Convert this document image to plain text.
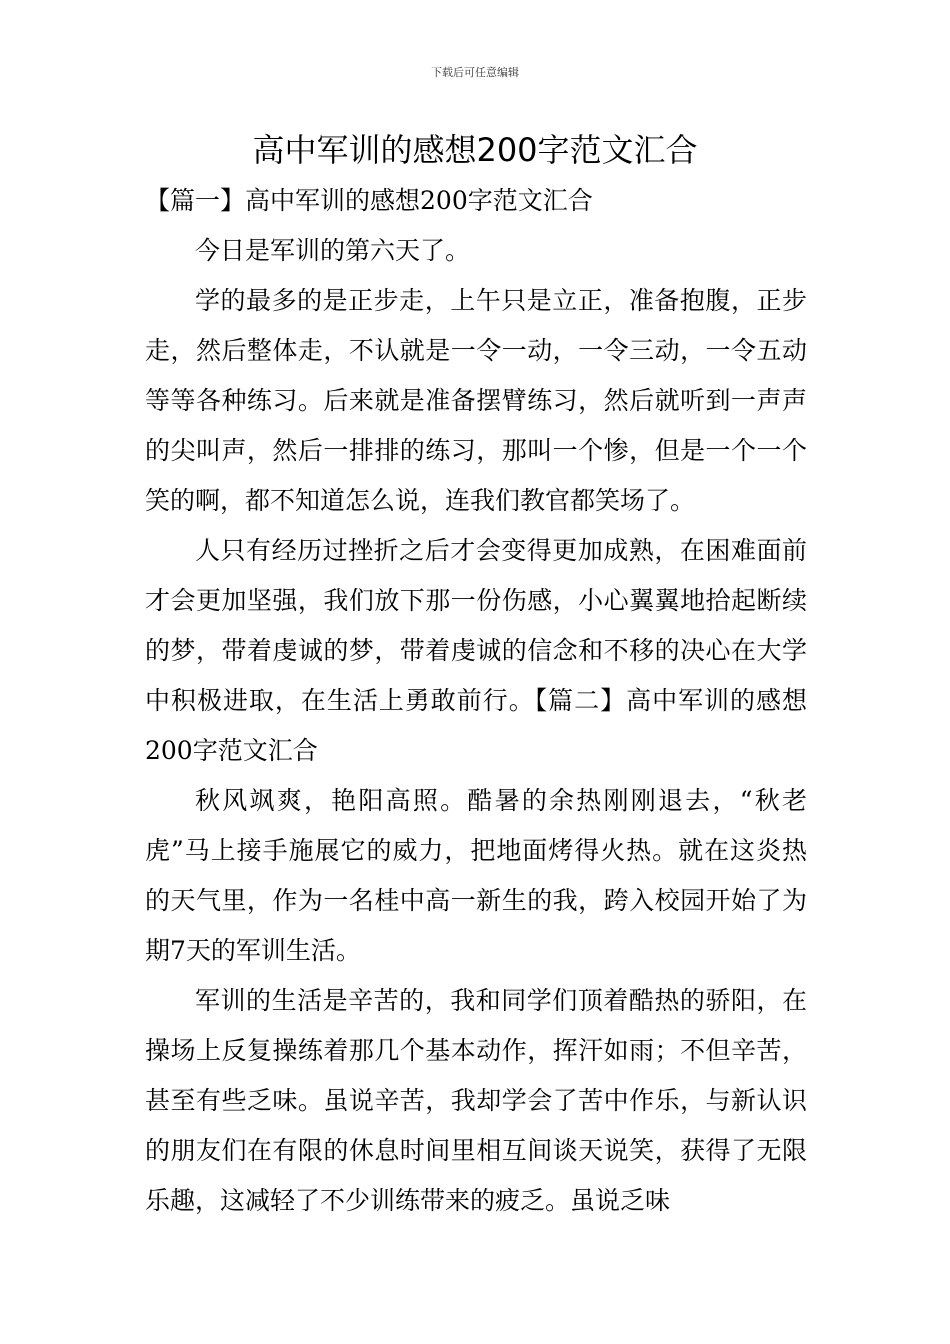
下载后可任意编辑
高中军训的感想200字范文汇合

【篇一】高中军训的感想200字范文汇合

今日是军训的第六天了。

学的最多的是正步走，上午只是立正，准备抱腹，正步走，然后整体走，不认就是一令一动，一令三动，一令五动等等各种练习。后来就是准备摆臂练习，然后就听到一声声的尖叫声，然后一排排的练习，那叫一个惨，但是一个一个笑的啊，都不知道怎么说，连我们教官都笑场了。

人只有经历过挫折之后才会变得更加成熟，在困难面前才会更加坚强，我们放下那一份伤感，小心翼翼地拾起断续的梦，带着虔诚的梦，带着虔诚的信念和不移的决心在大学中积极进取，在生活上勇敢前行。【篇二】高中军训的感想200字范文汇合

秋风飒爽，艳阳高照。酷暑的余热刚刚退去，“秋老虎”马上接手施展它的威力，把地面烤得火热。就在这炎热的天气里，作为一名桂中高一新生的我，跨入校园开始了为期7天的军训生活。

军训的生活是辛苦的，我和同学们顶着酷热的骄阳，在操场上反复操练着那几个基本动作，挥汗如雨；不但辛苦，甚至有些乏味。虽说辛苦，我却学会了苦中作乐，与新认识的朋友们在有限的休息时间里相互间谈天说笑，获得了无限乐趣，这减轻了不少训练带来的疲乏。虽说乏味
